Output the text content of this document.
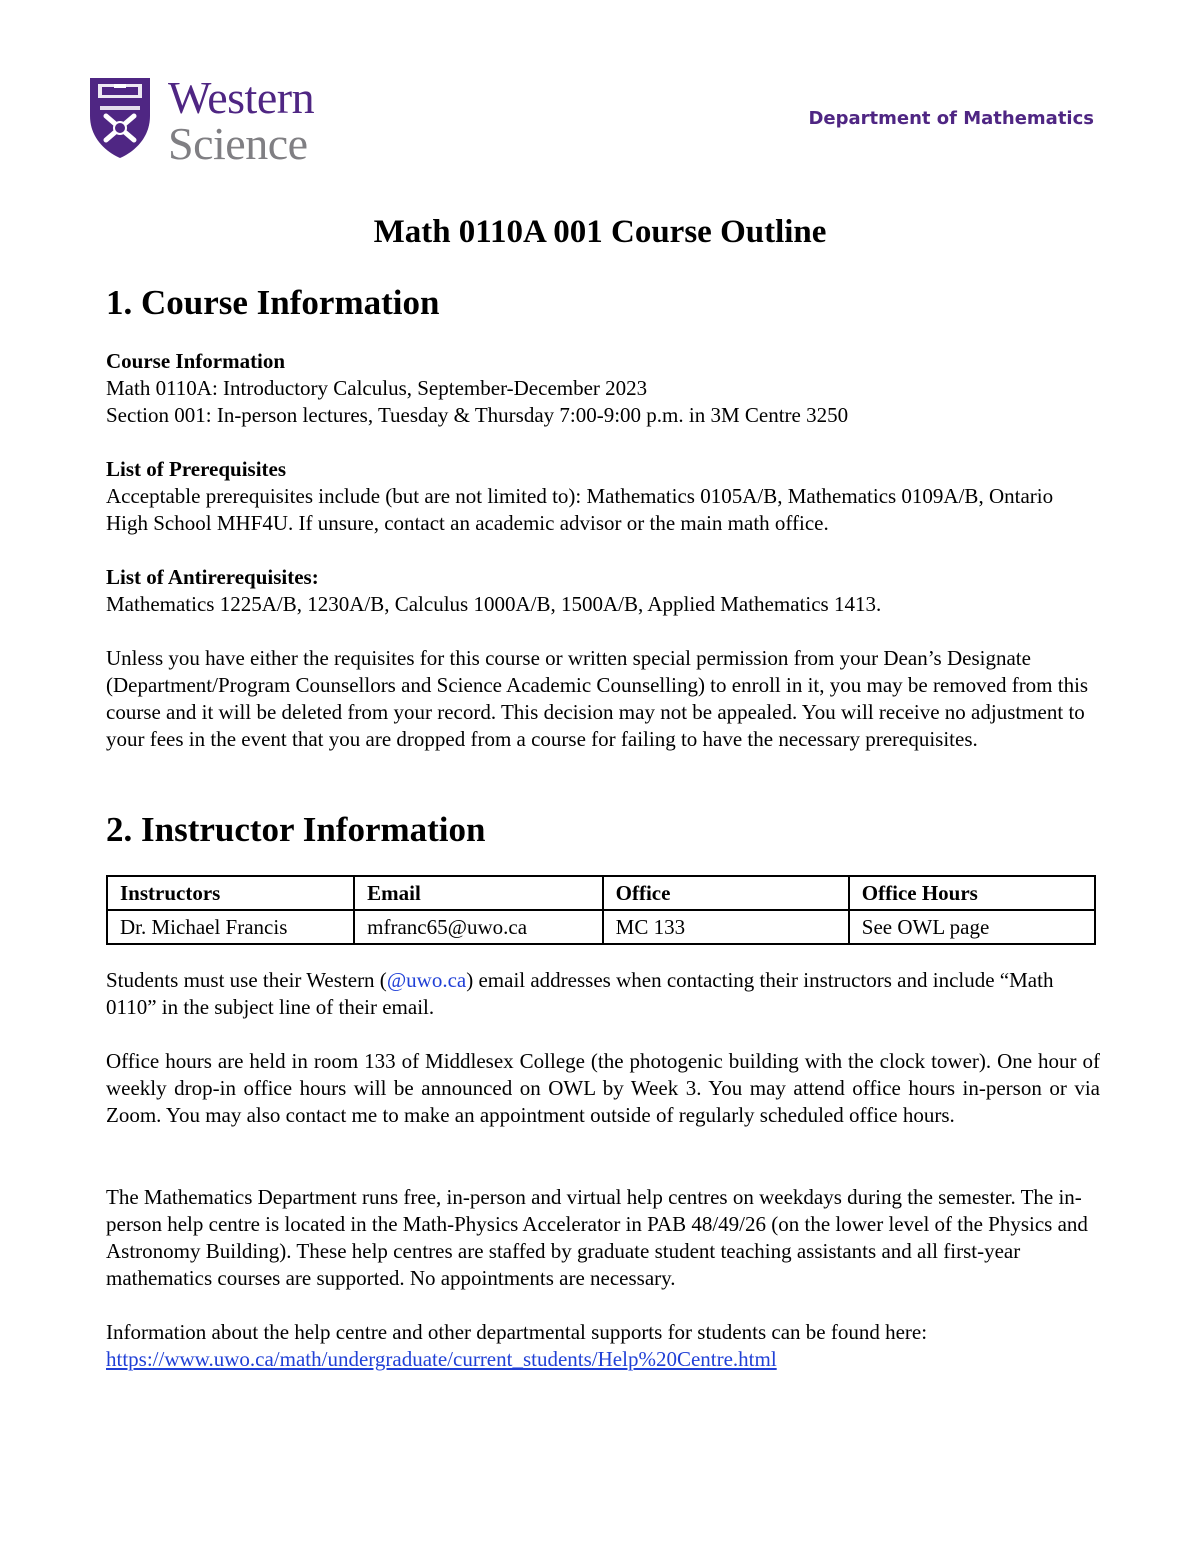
Western
Science	Department of Mathematics
Math 0110A 001 Course Outline
1. Course Information

Course Information

Math 0110A: Introductory Calculus, September-December 2023

Section 001: In-person lectures, Tuesday & Thursday 7:00-9:00 p.m. in 3M Centre 3250

List of Prerequisites

Acceptable prerequisites include (but are not limited to): Mathematics 0105A/B, Mathematics 0109A/B, Ontario High School MHF4U. If unsure, contact an academic advisor or the main math office.

List of Antirerequisites:

Mathematics 1225A/B, 1230A/B, Calculus 1000A/B, 1500A/B, Applied Mathematics 1413.

Unless you have either the requisites for this course or written special permission from your Dean’s Designate (Department/Program Counsellors and Science Academic Counselling) to enroll in it, you may be removed from this course and it will be deleted from your record. This decision may not be appealed. You will receive no adjustment to your fees in the event that you are dropped from a course for failing to have the necessary prerequisites.

2. Instructor Information
Instructors	Email	Office	Office Hours
Dr. Michael Francis	mfranc65@uwo.ca	MC 133	See OWL page

Students must use their Western (@uwo.ca) email addresses when contacting their instructors and include “Math 0110” in the subject line of their email.

Office hours are held in room 133 of Middlesex College (the photogenic building with the clock tower). One hour of weekly drop-in office hours will be announced on OWL by Week 3. You may attend office hours in-person or via Zoom. You may also contact me to make an appointment outside of regularly scheduled office hours.

The Mathematics Department runs free, in-person and virtual help centres on weekdays during the semester. The in-person help centre is located in the Math-Physics Accelerator in PAB 48/49/26 (on the lower level of the Physics and Astronomy Building). These help centres are staffed by graduate student teaching assistants and all first-year mathematics courses are supported. No appointments are necessary.

Information about the help centre and other departmental supports for students can be found here:

https://www.uwo.ca/math/undergraduate/current_students/Help%20Centre.html
